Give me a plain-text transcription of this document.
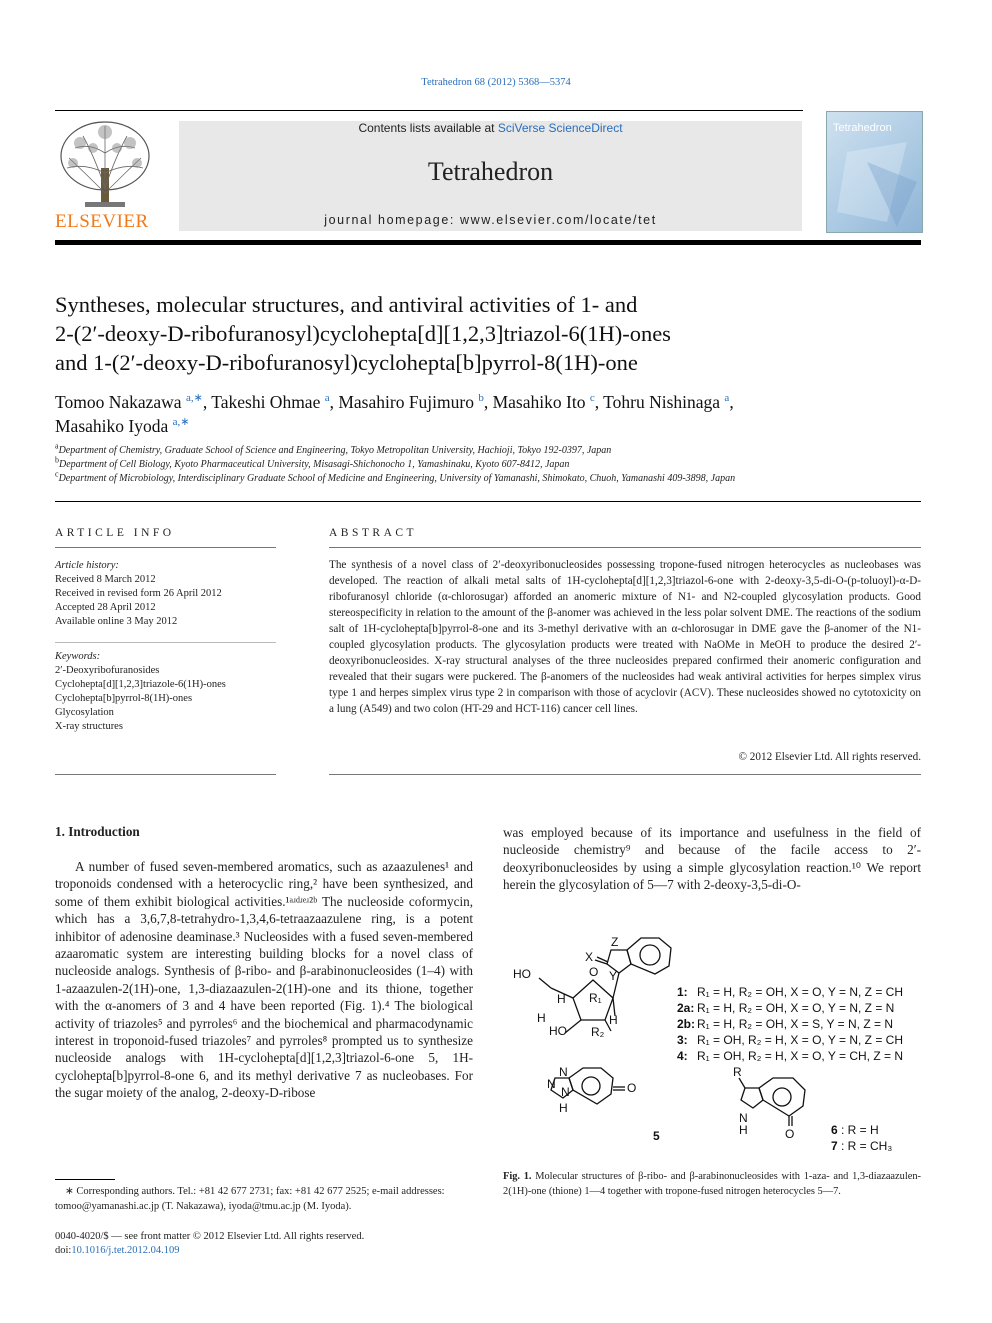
Tetrahedron 68 (2012) 5368—5374
ELSEVIER
Contents lists available at SciVerse ScienceDirect
Tetrahedron
journal homepage: www.elsevier.com/locate/tet
Tetrahedron
Syntheses, molecular structures, and antiviral activities of 1- and
2-(2′-deoxy-D-ribofuranosyl)cyclohepta[d][1,2,3]triazol-6(1H)-ones
and 1-(2′-deoxy-D-ribofuranosyl)cyclohepta[b]pyrrol-8(1H)-one
Tomoo Nakazawa $^{a,∗}$, Takeshi Ohmae $^a$, Masahiro Fujimuro $^b$, Masahiko Ito $^c$, Tohru Nishinaga $^a$,
Masahiko Iyoda $^{a,∗}$
$^a$Department of Chemistry, Graduate School of Science and Engineering, Tokyo Metropolitan University, Hachioji, Tokyo 192-0397, Japan
$^b$Department of Cell Biology, Kyoto Pharmaceutical University, Misasagi-Shichonocho 1, Yamashinaku, Kyoto 607-8412, Japan
$^c$Department of Microbiology, Interdisciplinary Graduate School of Medicine and Engineering, University of Yamanashi, Shimokato, Chuoh, Yamanashi 409-3898, Japan
ARTICLE INFO
Article history:
Received 8 March 2012
Received in revised form 26 April 2012
Accepted 28 April 2012
Available online 3 May 2012
Keywords:
2′-Deoxyribofuranosides
Cyclohepta[d][1,2,3]triazole-6(1H)-ones
Cyclohepta[b]pyrrol-8(1H)-ones
Glycosylation
X-ray structures
ABSTRACT
The synthesis of a novel class of 2′-deoxyribonucleosides possessing tropone-fused nitrogen heterocycles as nucleobases was developed. The reaction of alkali metal salts of 1H-cyclohepta[d][1,2,3]triazol-6-one with 2-deoxy-3,5-di-O-(p-toluoyl)-α-D-ribofuranosyl chloride (α-chlorosugar) afforded an anomeric mixture of N1- and N2-coupled glycosylation products. Good stereospecificity in relation to the amount of the β-anomer was achieved in the less polar solvent DME. The reactions of the sodium salt of 1H-cyclohepta[b]pyrrol-8-one and its 3-methyl derivative with an α-chlorosugar in DME gave the β-anomer of the N1-coupled glycosylation products. The glycosylation products were treated with NaOMe in MeOH to produce the desired 2′-deoxyribonucleosides. X-ray structural analyses of the three nucleosides prepared confirmed their anomeric configuration and revealed that their sugars were puckered. The β-anomers of the nucleosides had weak antiviral activities for herpes simplex virus type 1 and herpes simplex virus type 2 in comparison with those of acyclovir (ACV). These nucleosides showed no cytotoxicity on a lung (A549) and two colon (HT-29 and HCT-116) cancer cell lines.
© 2012 Elsevier Ltd. All rights reserved.
1. Introduction
A number of fused seven-membered aromatics, such as azaazulenes¹ and troponoids condensed with a heterocyclic ring,² have been synthesized, and some of them exhibit biological activities.¹ᵃʴᵈʴᵉʴ²ᵇ The nucleoside coformycin, which has a 3,6,7,8-tetrahydro-1,3,4,6-tetraazaazulene ring, is a potent inhibitor of adenosine deaminase.³ Nucleosides with a fused seven-membered azaaromatic system are interesting building blocks for a novel class of nucleoside analogs. Synthesis of β-ribo- and β-arabinonucleosides (1–4) with 1-azaazulen-2(1H)-one, 1,3-diazaazulen-2(1H)-one and its thione, together with the α-anomers of 3 and 4 have been reported (Fig. 1).⁴ The biological activity of triazoles⁵ and pyrroles⁶ and the biochemical and pharmacodynamic interest in troponoid-fused triazoles⁷ and pyrroles⁸ prompted us to synthesize nucleoside analogs with 1H-cyclohepta[d][1,2,3]triazol-6-one 5, 1H-cyclohepta[b]pyrrol-8-one 6, and its methyl derivative 7 as nucleobases. For the sugar moiety of the analog, 2-deoxy-D-ribose
was employed because of its importance and usefulness in the field of nucleoside chemistry⁹ and because of the facile access to 2′-deoxyribonucleosides by using a simple glycosylation reaction.¹⁰ We report herein the glycosylation of 5—7 with 2-deoxy-3,5-di-O-
HO	O
H R₁
H	H
HO R₂
X
Y
Z
1: R₁ = H, R₂ = OH, X = O, Y = N, Z = CH
2a: R₁ = H, R₂ = OH, X = O, Y = N, Z = N
2b: R₁ = H, R₂ = OH, X = S, Y = N, Z = N
3: R₁ = OH, R₂ = H, X = O, Y = N, Z = CH
4: R₁ = OH, R₂ = H, X = O, Y = CH, Z = N
N
N
N
H
O
5
R
N
H	O	6 : R = H
7 : R = CH₃
Fig. 1. Molecular structures of β-ribo- and β-arabinonucleosides with 1-aza- and 1,3-diazaazulen-2(1H)-one (thione) 1—4 together with tropone-fused nitrogen heterocycles 5—7.
∗ Corresponding authors. Tel.: +81 42 677 2731; fax: +81 42 677 2525; e-mail addresses: tomoo@yamanashi.ac.jp (T. Nakazawa), iyoda@tmu.ac.jp (M. Iyoda).
0040-4020/$ — see front matter © 2012 Elsevier Ltd. All rights reserved.
doi:10.1016/j.tet.2012.04.109
